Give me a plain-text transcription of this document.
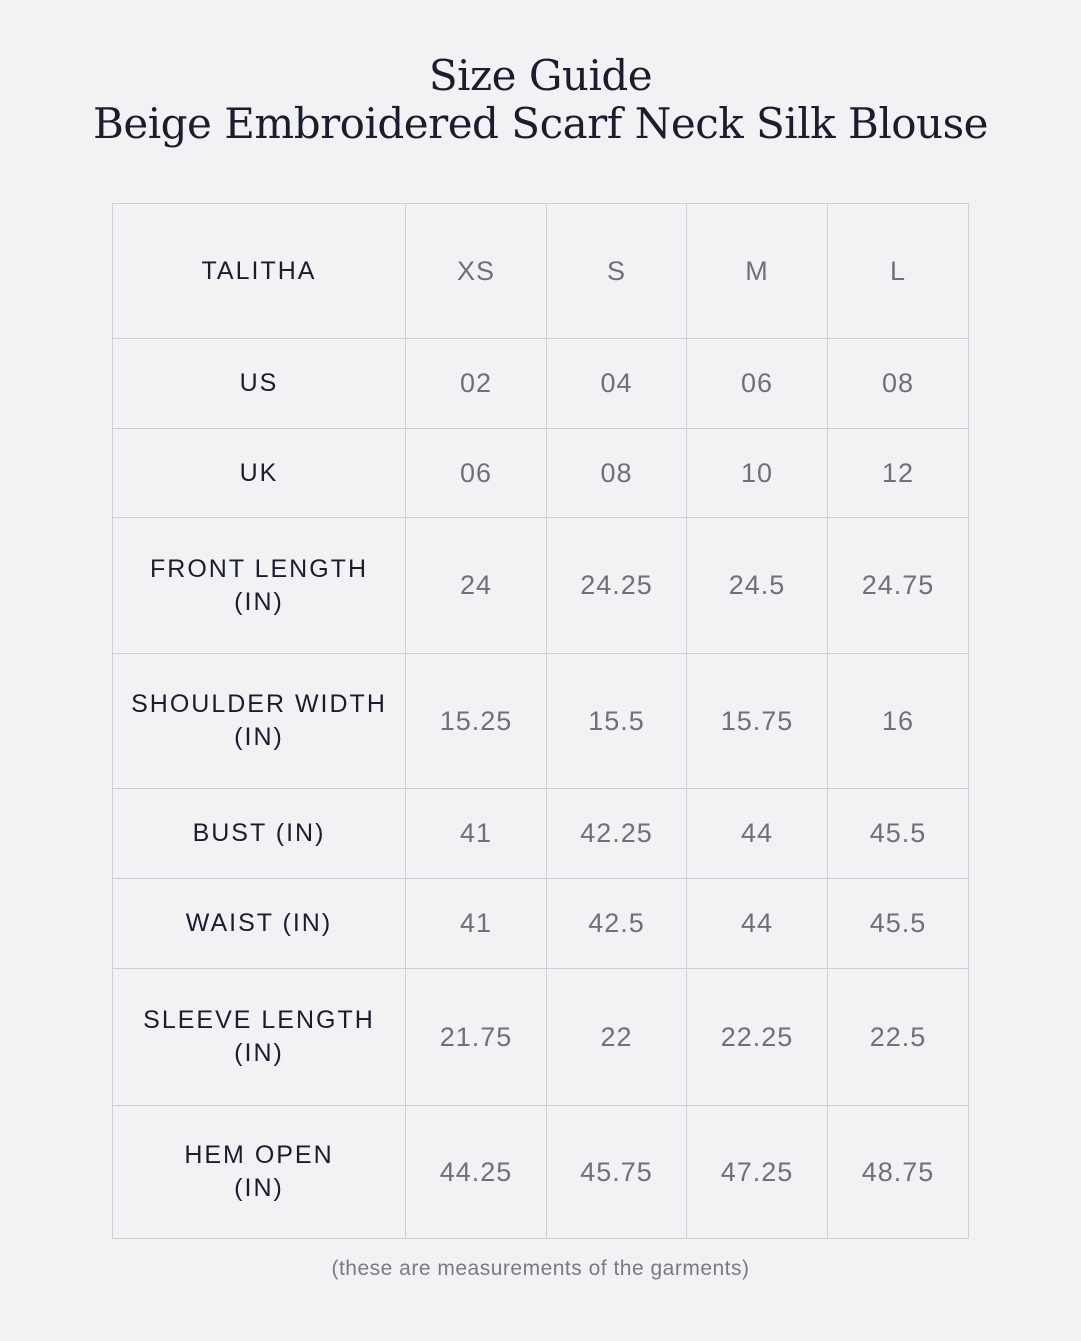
Size Guide
Beige Embroidered Scarf Neck Silk Blouse
TALITHA	XS	S	M	L

US	02	04	06	08

UK	06	08	10	12

FRONT LENGTH
(IN)	24	24.25	24.5	24.75

SHOULDER WIDTH
(IN)	15.25	15.5	15.75	16

BUST (IN)	41	42.25	44	45.5

WAIST (IN)	41	42.5	44	45.5

SLEEVE LENGTH
(IN)	21.75	22	22.25	22.5

HEM OPEN
(IN)	44.25	45.75	47.25	48.75
(these are measurements of the garments)
